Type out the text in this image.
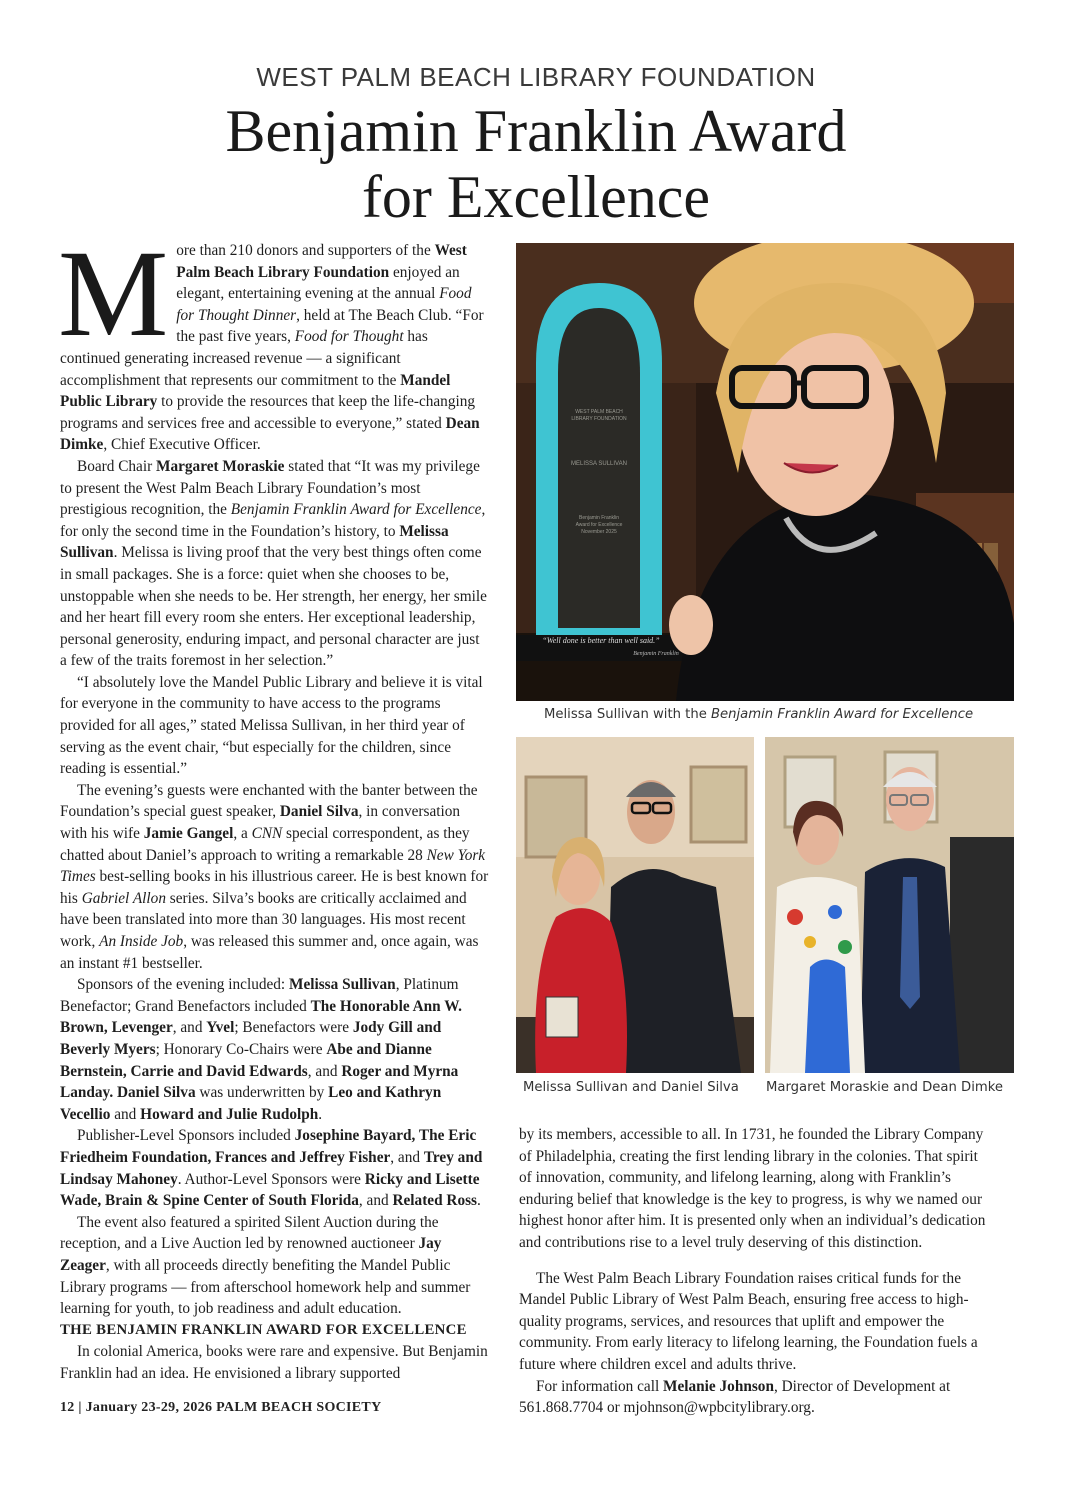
WEST PALM BEACH LIBRARY FOUNDATION
Benjamin Franklin Award
for Excellence

More than 210 donors and supporters of the West Palm Beach Library Foundation enjoyed an elegant, entertaining evening at the annual Food for Thought Dinner, held at The Beach Club. “For the past five years, Food for Thought has continued generating increased revenue — a significant accomplishment that represents our commitment to the Mandel Public Library to provide the resources that keep the life-changing programs and services free and accessible to everyone,” stated Dean Dimke, Chief Executive Officer.

Board Chair Margaret Moraskie stated that “It was my privilege to present the West Palm Beach Library Foundation’s most prestigious recognition, the Benjamin Franklin Award for Excellence, for only the second time in the Foundation’s history, to Melissa Sullivan. Melissa is living proof that the very best things often come in small packages. She is a force: quiet when she chooses to be, unstoppable when she needs to be. Her strength, her energy, her smile and her heart fill every room she enters. Her exceptional leadership, personal generosity, enduring impact, and personal character are just a few of the traits foremost in her selection.”

“I absolutely love the Mandel Public Library and believe it is vital for everyone in the community to have access to the programs provided for all ages,” stated Melissa Sullivan, in her third year of serving as the event chair, “but especially for the children, since reading is essential.”

The evening’s guests were enchanted with the banter between the Foundation’s special guest speaker, Daniel Silva, in conversation with his wife Jamie Gangel, a CNN special correspondent, as they chatted about Daniel’s approach to writing a remarkable 28 New York Times best-selling books in his illustrious career. He is best known for his Gabriel Allon series. Silva’s books are critically acclaimed and have been translated into more than 30 languages. His most recent work, An Inside Job, was released this summer and, once again, was an instant #1 bestseller.

Sponsors of the evening included: Melissa Sullivan, Platinum Benefactor; Grand Benefactors included The Honorable Ann W. Brown, Levenger, and Yvel; Benefactors were Jody Gill and Beverly Myers; Honorary Co-Chairs were Abe and Dianne Bernstein, Carrie and David Edwards, and Roger and Myrna Landay. Daniel Silva was underwritten by Leo and Kathryn Vecellio and Howard and Julie Rudolph.

Publisher-Level Sponsors included Josephine Bayard, The Eric Friedheim Foundation, Frances and Jeffrey Fisher, and Trey and Lindsay Mahoney. Author-Level Sponsors were Ricky and Lisette Wade, Brain & Spine Center of South Florida, and Related Ross.

The event also featured a spirited Silent Auction during the reception, and a Live Auction led by renowned auctioneer Jay Zeager, with all proceeds directly benefiting the Mandel Public Library programs — from afterschool homework help and summer learning for youth, to job readiness and adult education.

THE BENJAMIN FRANKLIN AWARD FOR EXCELLENCE

In colonial America, books were rare and expensive. But Benjamin Franklin had an idea. He envisioned a library supported

“Well done is better than well said.”
Benjamin Franklin
WEST PALM BEACH
LIBRARY FOUNDATION
MELISSA SULLIVAN
Benjamin Franklin
Award for Excellence
November 2025
Melissa Sullivan with the Benjamin Franklin Award for Excellence
Melissa Sullivan and Daniel Silva Margaret Moraskie and Dean Dimke

by its members, accessible to all. In 1731, he founded the Library Company of Philadelphia, creating the first lending library in the colonies. That spirit of innovation, community, and lifelong learning, along with Franklin’s enduring belief that knowledge is the key to progress, is why we named our highest honor after him. It is presented only when an individual’s dedication and contributions rise to a level truly deserving of this distinction.

The West Palm Beach Library Foundation raises critical funds for the Mandel Public Library of West Palm Beach, ensuring free access to high-quality programs, services, and resources that uplift and empower the community. From early literacy to lifelong learning, the Foundation fuels a future where children excel and adults thrive.

For information call Melanie Johnson, Director of Development at 561.868.7704 or mjohnson@wpbcitylibrary.org.

12 | January 23-29, 2026 PALM BEACH SOCIETY
